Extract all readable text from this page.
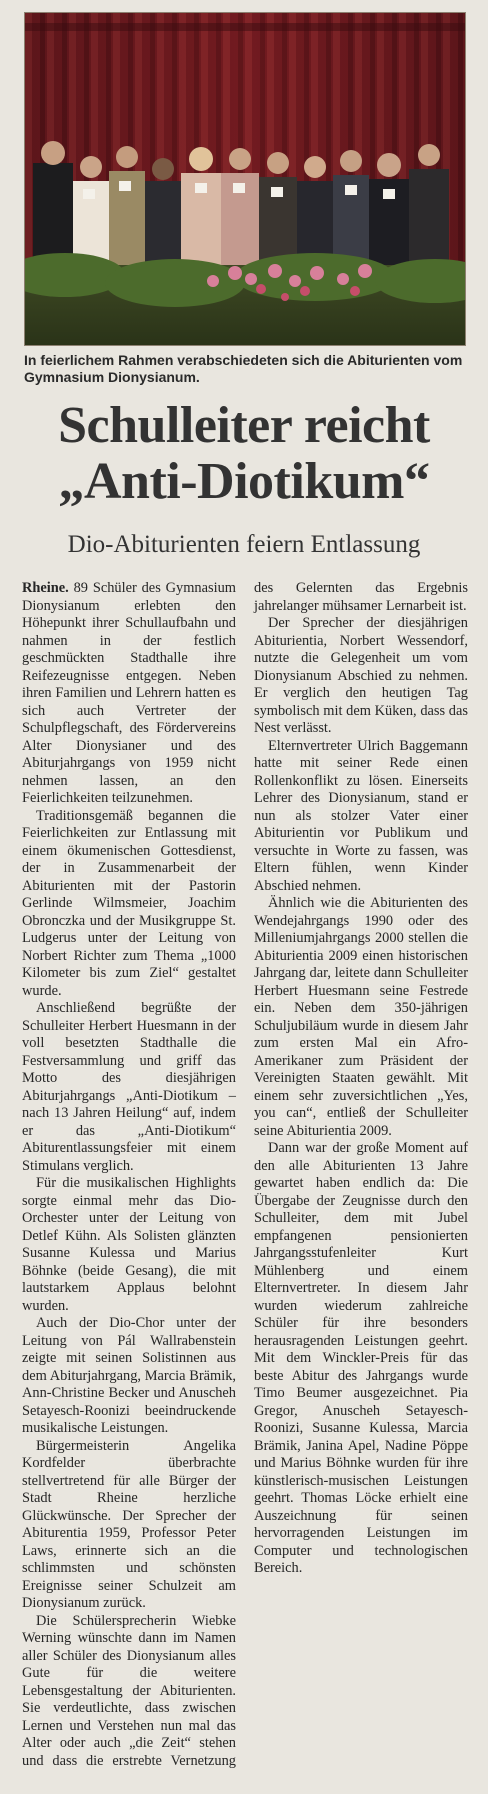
In feierlichem Rahmen verabschiedeten sich die Abiturienten vom Gymnasium Dionysianum.
Schulleiter reicht
„Anti-Diotikum“
Dio-Abiturienten feiern Entlassung

Rheine. 89 Schüler des Gymnasium Dionysianum erlebten den Höhepunkt ihrer Schullaufbahn und nahmen in der festlich geschmückten Stadthalle ihre Reifezeugnisse entgegen. Neben ihren Familien und Lehrern hatten es sich auch Vertreter der Schulpflegschaft, des Fördervereins Alter Dionysianer und des Abiturjahrgangs von 1959 nicht nehmen lassen, an den Feierlichkeiten teilzunehmen.

Traditionsgemäß begannen die Feierlichkeiten zur Entlassung mit einem ökumenischen Gottesdienst, der in Zusammenarbeit der Abiturienten mit der Pastorin Gerlinde Wilmsmeier, Joachim Obronczka und der Musikgruppe St. Ludgerus unter der Leitung von Norbert Richter zum Thema „1000 Kilometer bis zum Ziel“ gestaltet wurde.

Anschließend begrüßte der Schulleiter Herbert Huesmann in der voll besetzten Stadthalle die Festversammlung und griff das Motto des diesjährigen Abiturjahrgangs „Anti-Diotikum – nach 13 Jahren Heilung“ auf, indem er das „Anti-Diotikum“ Abiturentlassungsfeier mit einem Stimulans verglich.

Für die musikalischen Highlights sorgte einmal mehr das Dio-Orchester unter der Leitung von Detlef Kühn. Als Solisten glänzten Susanne Kulessa und Marius Böhnke (beide Gesang), die mit lautstarkem Applaus belohnt wurden.

Auch der Dio-Chor unter der Leitung von Pál Wallrabenstein zeigte mit seinen Solistinnen aus dem Abiturjahrgang, Marcia Brämik, Ann-Christine Becker und Anuscheh Setayesch-Roonizi beeindruckende musikalische Leistungen.

Bürgermeisterin Angelika Kordfelder überbrachte stellvertretend für alle Bürger der Stadt Rheine herzliche Glückwünsche. Der Sprecher der Abiturentia 1959, Professor Peter Laws, erinnerte sich an die schlimmsten und schönsten Ereignisse seiner Schulzeit am Dionysianum zurück.

Die Schülersprecherin Wiebke Werning wünschte dann im Namen aller Schüler des Dionysianum alles Gute für die weitere Lebensgestaltung der Abiturienten. Sie verdeutlichte, dass zwischen Lernen und Verstehen nun mal das Alter oder auch „die Zeit“ stehen und dass die erstrebte Vernetzung des Gelernten das Ergebnis jahrelanger mühsamer Lernarbeit ist.

Der Sprecher der diesjährigen Abiturientia, Norbert Wessendorf, nutzte die Gelegenheit um vom Dionysianum Abschied zu nehmen. Er verglich den heutigen Tag symbolisch mit dem Küken, dass das Nest verlässt.

Elternvertreter Ulrich Baggemann hatte mit seiner Rede einen Rollenkonflikt zu lösen. Einerseits Lehrer des Dionysianum, stand er nun als stolzer Vater einer Abiturientin vor Publikum und versuchte in Worte zu fassen, was Eltern fühlen, wenn Kinder Abschied nehmen.

Ähnlich wie die Abiturienten des Wendejahrgangs 1990 oder des Milleniumjahrgangs 2000 stellen die Abiturientia 2009 einen historischen Jahrgang dar, leitete dann Schulleiter Herbert Huesmann seine Festrede ein. Neben dem 350-jährigen Schuljubiläum wurde in diesem Jahr zum ersten Mal ein Afro-Amerikaner zum Präsident der Vereinigten Staaten gewählt. Mit einem sehr zuversichtlichen „Yes, you can“, entließ der Schulleiter seine Abiturientia 2009.

Dann war der große Moment auf den alle Abiturienten 13 Jahre gewartet haben endlich da: Die Übergabe der Zeugnisse durch den Schulleiter, dem mit Jubel empfangenen pensionierten Jahrgangsstufenleiter Kurt Mühlenberg und einem Elternvertreter. In diesem Jahr wurden wiederum zahlreiche Schüler für ihre besonders herausragenden Leistungen geehrt. Mit dem Winckler-Preis für das beste Abitur des Jahrgangs wurde Timo Beumer ausgezeichnet. Pia Gregor, Anuscheh Setayesch-Roonizi, Susanne Kulessa, Marcia Brämik, Janina Apel, Nadine Pöppe und Marius Böhnke wurden für ihre künstlerisch-musischen Leistungen geehrt. Thomas Löcke erhielt eine Auszeichnung für seinen hervorragenden Leistungen im Computer und technologischen Bereich.
